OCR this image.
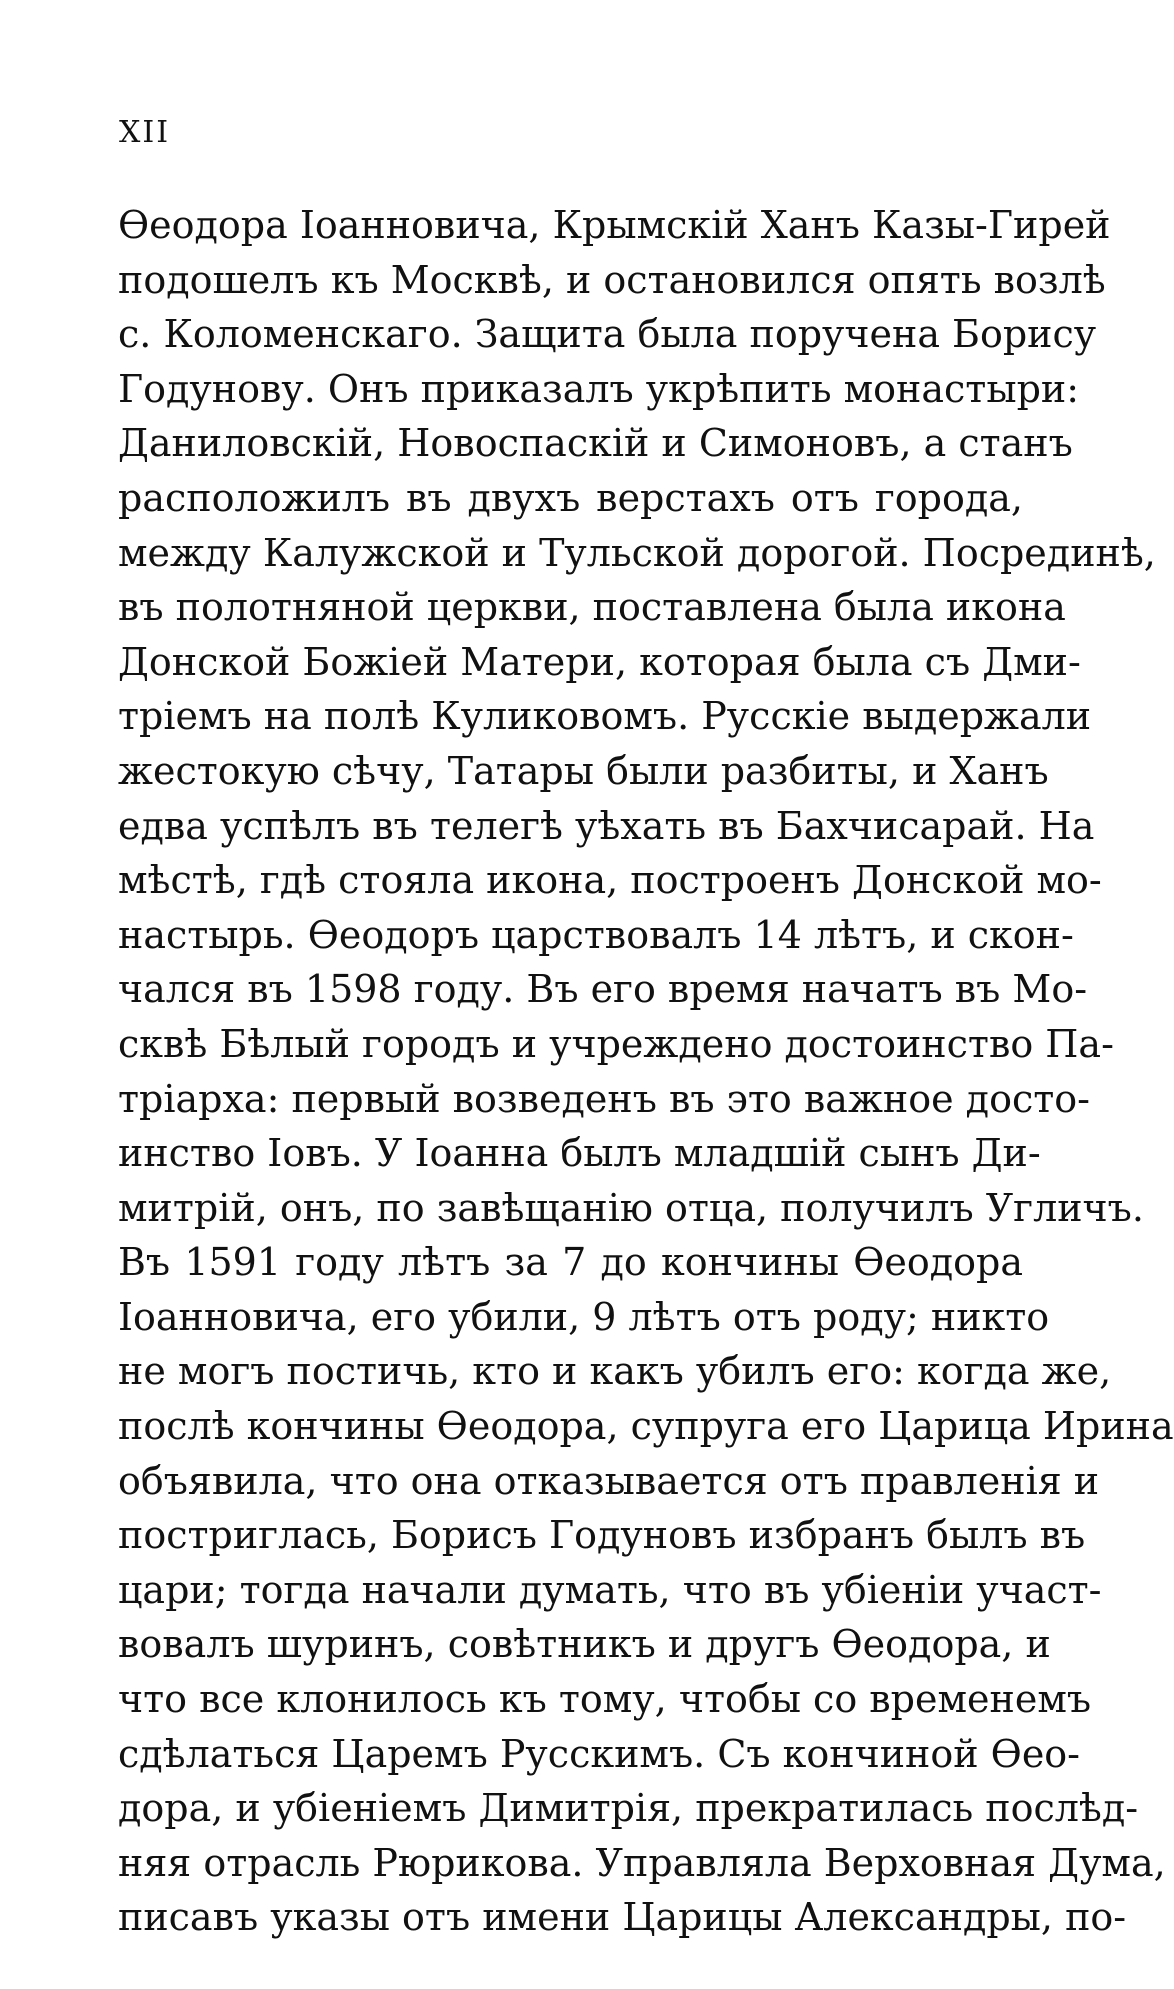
XII
Ѳеодора Іоанновича, Крымскій Ханъ Казы-Гирей
подошелъ къ Москвѣ, и остановился опять возлѣ
с. Коломенскаго. Защита была поручена Борису
Годунову. Онъ приказалъ укрѣпить монастыри:
Даниловскій, Новоспаскій и Симоновъ, а станъ
расположилъ въ двухъ верстахъ отъ города,
между Калужской и Тульской дорогой. Посрединѣ,
въ полотняной церкви, поставлена была икона
Донской Божіей Матери, которая была съ Дми-
тріемъ на полѣ Куликовомъ. Русскіе выдержали
жестокую сѣчу, Татары были разбиты, и Ханъ
едва успѣлъ въ телегѣ уѣхать въ Бахчисарай. На
мѣстѣ, гдѣ стояла икона, построенъ Донской мо-
настырь. Ѳеодоръ царствовалъ 14 лѣтъ, и скон-
чался въ 1598 году. Въ его время начатъ въ Мо-
сквѣ Бѣлый городъ и учреждено достоинство Па-
тріарха: первый возведенъ въ это важное досто-
инство Іовъ. У Іоанна былъ младшій сынъ Ди-
митрій, онъ, по завѣщанію отца, получилъ Угличъ.
Въ 1591 году лѣтъ за 7 до кончины Ѳеодора
Іоанновича, его убили, 9 лѣтъ отъ роду; никто
не могъ постичь, кто и какъ убилъ его: когда же,
послѣ кончины Ѳеодора, супруга его Царица Ирина
объявила, что она отказывается отъ правленія и
постриглась, Борисъ Годуновъ избранъ былъ въ
цари; тогда начали думать, что въ убіеніи участ-
вовалъ шуринъ, совѣтникъ и другъ Ѳеодора, и
что все клонилось къ тому, чтобы со временемъ
сдѣлаться Царемъ Русскимъ. Съ кончиной Ѳео-
дора, и убіеніемъ Димитрія, прекратилась послѣд-
няя отрасль Рюрикова. Управляла Верховная Дума,
писавъ указы отъ имени Царицы Александры, по-
